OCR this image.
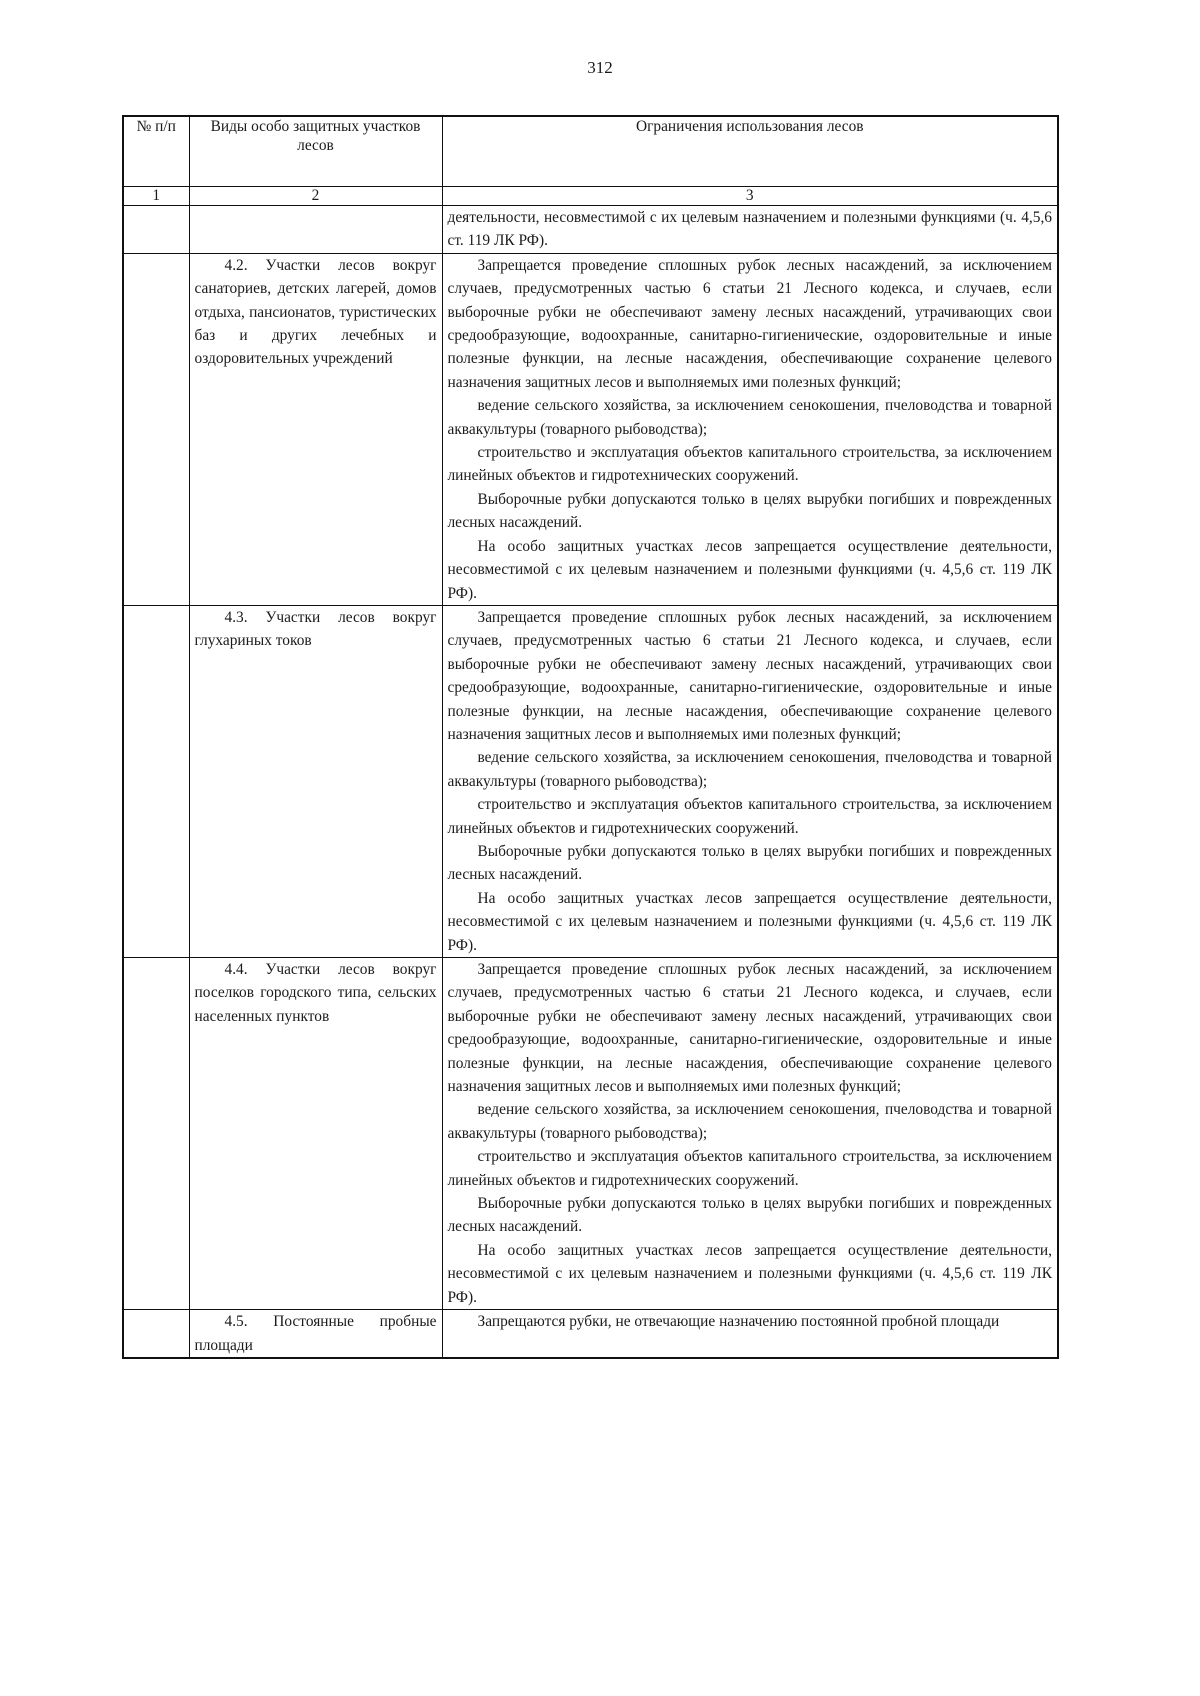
312
№ п/п	Виды особо защитных участков лесов	Ограничения использования лесов
1	2	3

		деятельности, несовместимой с их целевым назначением и полезными функциями (ч. 4,5,6 ст. 119 ЛК РФ).

	4.2. Участки лесов вокруг санаториев, детских лагерей, домов отдыха, пансионатов, туристических баз и других лечебных и оздоровительных учреждений	Запрещается проведение сплошных рубок лесных насаждений, за исключением случаев, предусмотренных частью 6 статьи 21 Лесного кодекса, и случаев, если выборочные рубки не обеспечивают замену лесных насаждений, утрачивающих свои средообразующие, водоохранные, санитарно-гигиенические, оздоровительные и иные полезные функции, на лесные насаждения, обеспечивающие сохранение целевого назначения защитных лесов и выполняемых ими полезных функций;

ведение сельского хозяйства, за исключением сенокошения, пчеловодства и товарной аквакультуры (товарного рыбоводства);

строительство и эксплуатация объектов капитального строительства, за исключением линейных объектов и гидротехнических сооружений.

Выборочные рубки допускаются только в целях вырубки погибших и поврежденных лесных насаждений.

На особо защитных участках лесов запрещается осуществление деятельности, несовместимой с их целевым назначением и полезными функциями (ч. 4,5,6 ст. 119 ЛК РФ).

	4.3. Участки лесов вокруг глухариных токов	Запрещается проведение сплошных рубок лесных насаждений, за исключением случаев, предусмотренных частью 6 статьи 21 Лесного кодекса, и случаев, если выборочные рубки не обеспечивают замену лесных насаждений, утрачивающих свои средообразующие, водоохранные, санитарно-гигиенические, оздоровительные и иные полезные функции, на лесные насаждения, обеспечивающие сохранение целевого назначения защитных лесов и выполняемых ими полезных функций;

ведение сельского хозяйства, за исключением сенокошения, пчеловодства и товарной аквакультуры (товарного рыбоводства);

строительство и эксплуатация объектов капитального строительства, за исключением линейных объектов и гидротехнических сооружений.

Выборочные рубки допускаются только в целях вырубки погибших и поврежденных лесных насаждений.

На особо защитных участках лесов запрещается осуществление деятельности, несовместимой с их целевым назначением и полезными функциями (ч. 4,5,6 ст. 119 ЛК РФ).

	4.4. Участки лесов вокруг поселков городского типа, сельских населенных пунктов	Запрещается проведение сплошных рубок лесных насаждений, за исключением случаев, предусмотренных частью 6 статьи 21 Лесного кодекса, и случаев, если выборочные рубки не обеспечивают замену лесных насаждений, утрачивающих свои средообразующие, водоохранные, санитарно-гигиенические, оздоровительные и иные полезные функции, на лесные насаждения, обеспечивающие сохранение целевого назначения защитных лесов и выполняемых ими полезных функций;

ведение сельского хозяйства, за исключением сенокошения, пчеловодства и товарной аквакультуры (товарного рыбоводства);

строительство и эксплуатация объектов капитального строительства, за исключением линейных объектов и гидротехнических сооружений.

Выборочные рубки допускаются только в целях вырубки погибших и поврежденных лесных насаждений.

На особо защитных участках лесов запрещается осуществление деятельности, несовместимой с их целевым назначением и полезными функциями (ч. 4,5,6 ст. 119 ЛК РФ).

	4.5. Постоянные пробные площади	Запрещаются рубки, не отвечающие назначению постоянной пробной площади
